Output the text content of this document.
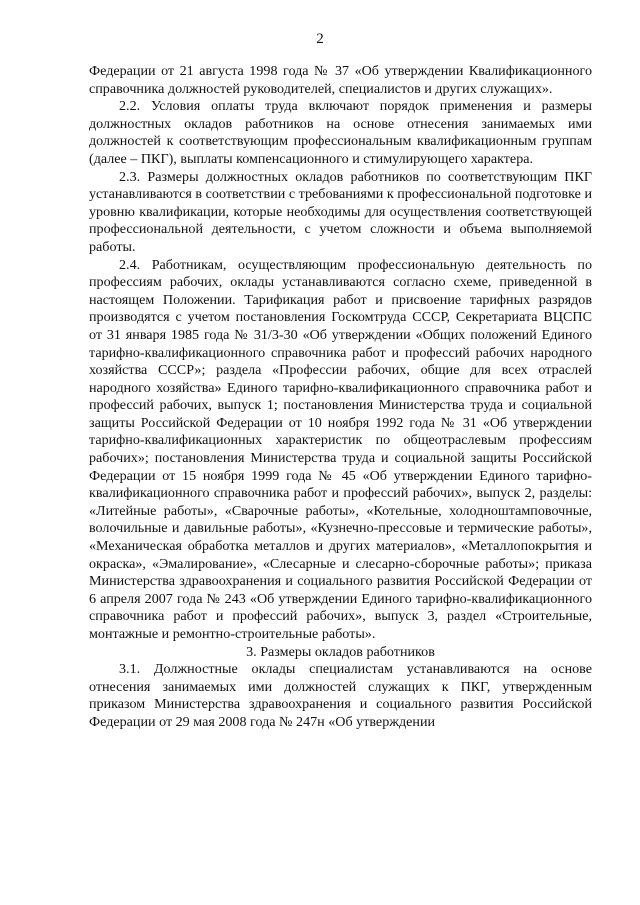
2

Федерации от 21 августа 1998 года № 37 «Об утверждении Квалификационного справочника должностей руководителей, специалистов и других служащих».

2.2. Условия оплаты труда включают порядок применения и размеры должностных окладов работников на основе отнесения занимаемых ими должностей к соответствующим профессиональным квалификационным группам (далее – ПКГ), выплаты компенсационного и стимулирующего характера.

2.3. Размеры должностных окладов работников по соответствующим ПКГ устанавливаются в соответствии с требованиями к профессиональной подготовке и уровню квалификации, которые необходимы для осуществления соответствующей профессиональной деятельности, с учетом сложности и объема выполняемой работы.

2.4. Работникам, осуществляющим профессиональную деятельность по профессиям рабочих, оклады устанавливаются согласно схеме, приведенной в настоящем Положении. Тарификация работ и присвоение тарифных разрядов производятся с учетом постановления Госкомтруда СССР, Секретариата ВЦСПС от 31 января 1985 года № 31/3-30 «Об утверждении «Общих положений Единого тарифно-квалификационного справочника работ и профессий рабочих народного хозяйства СССР»; раздела «Профессии рабочих, общие для всех отраслей народного хозяйства» Единого тарифно-квалификационного справочника работ и профессий рабочих, выпуск 1; постановления Министерства труда и социальной защиты Российской Федерации от 10 ноября 1992 года № 31 «Об утверждении тарифно-квалификационных характеристик по общеотраслевым профессиям рабочих»; постановления Министерства труда и социальной защиты Российской Федерации от 15 ноября 1999 года № 45 «Об утверждении Единого тарифно-квалификационного справочника работ и профессий рабочих», выпуск 2, разделы: «Литейные работы», «Сварочные работы», «Котельные, холодноштамповочные, волочильные и давильные работы», «Кузнечно-прессовые и термические работы», «Механическая обработка металлов и других материалов», «Металлопокрытия и окраска», «Эмалирование», «Слесарные и слесарно-сборочные работы»; приказа Министерства здравоохранения и социального развития Российской Федерации от 6 апреля 2007 года № 243 «Об утверждении Единого тарифно-квалификационного справочника работ и профессий рабочих», выпуск 3, раздел «Строительные, монтажные и ремонтно-строительные работы».

3. Размеры окладов работников

3.1. Должностные оклады специалистам устанавливаются на основе отнесения занимаемых ими должностей служащих к ПКГ, утвержденным приказом Министерства здравоохранения и социального развития Российской Федерации от 29 мая 2008 года № 247н «Об утверждении
